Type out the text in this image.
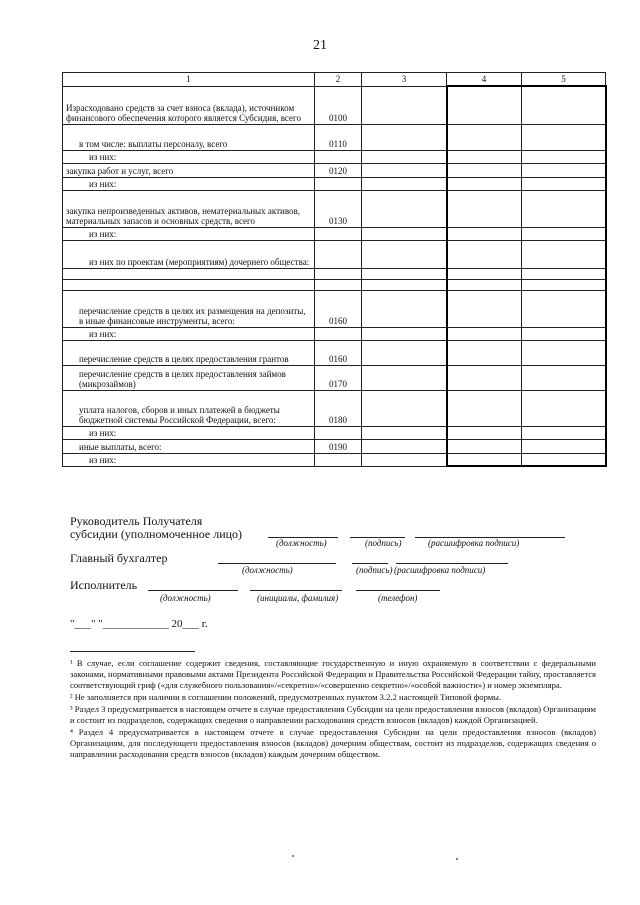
21
1	2	3	4	5
Израсходовано средств за счет взноса (вклада), источником финансового обеспечения которого является Субсидия, всего	0100			
в том числе: выплаты персоналу, всего	0110			
из них:				
закупка работ и услуг, всего	0120			
из них:				
закупка непроизведенных активов, нематериальных активов, материальных запасов и основных средств, всего	0130			
из них:				
из них по проектам (мероприятиям) дочернего общества:				

перечисление средств в целях их размещения на депозиты, в иные финансовые инструменты, всего:	0160			
из них:				
перечисление средств в целях предоставления грантов	0160			
перечисление средств в целях предоставления займов (микрозаймов)	0170			
уплата налогов, сборов и иных платежей в бюджеты бюджетной системы Российской Федерации, всего:	0180			
из них:				
иные выплаты, всего:	0190			
из них:				
Руководитель Получателя
субсидии (уполномоченное лицо)
(должность)	(подпись)	(расшифровка подписи)
Главный бухгалтер
(должность)	(подпись) (расшифровка подписи)
Исполнитель
(должность)	(инициалы, фамилия)	(телефон)
"___" "____________ 20___ г.

¹ В случае, если соглашение содержит сведения, составляющие государственную и иную охраняемую в соответствии с федеральными законами, нормативными правовыми актами Президента Российской Федерации и Правительства Российской Федерации тайну, проставляется соответствующий гриф («для служебного пользования»/«секретно»/«совершенно секретно»/«особой важности») и номер экземпляра.

² Не заполняется при наличии в соглашении положений, предусмотренных пунктом 3.2.2 настоящей Типовой формы.

³ Раздел 3 предусматривается в настоящем отчете в случае предоставления Субсидии на цели предоставления взносов (вкладов) Организациям и состоит из подразделов, содержащих сведения о направлении расходования средств взносов (вкладов) каждой Организацией.

⁴ Раздел 4 предусматривается в настоящем отчете в случае предоставления Субсидии на цели предоставления взносов (вкладов) Организациям, для последующего предоставления взносов (вкладов) дочерним обществам, состоит из подразделов, содержащих сведения о направлении расходования средств взносов (вкладов) каждым дочерним обществом.
